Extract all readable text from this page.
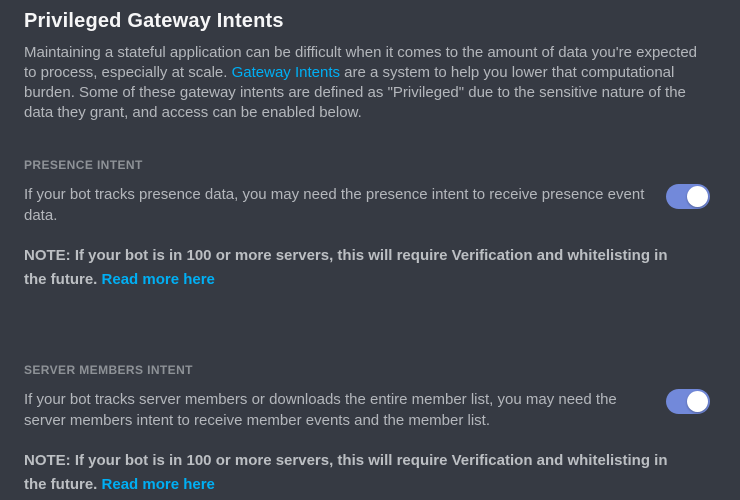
Privileged Gateway Intents

Maintaining a stateful application can be difficult when it comes to the amount of data you're expected to process, especially at scale. Gateway Intents are a system to help you lower that computational burden. Some of these gateway intents are defined as "Privileged" due to the sensitive nature of the data they grant, and access can be enabled below.

PRESENCE INTENT

If your bot tracks presence data, you may need the presence intent to receive presence event data.

NOTE: If your bot is in 100 or more servers, this will require Verification and whitelisting in the future. Read more here

SERVER MEMBERS INTENT

If your bot tracks server members or downloads the entire member list, you may need the server members intent to receive member events and the member list.

NOTE: If your bot is in 100 or more servers, this will require Verification and whitelisting in the future. Read more here
